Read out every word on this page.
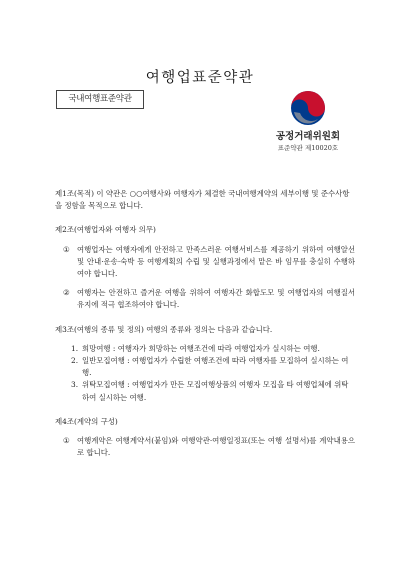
여행업표준약관
국내여행표준약관
공정거래위원회
표준약관 제10020호

제1조(목적) 이 약관은 ○○여행사와 여행자가 체결한 국내여행계약의 세부이행 및 준수사항을 정함을 목적으로 합니다.

제2조(여행업자와 여행자 의무)

① 여행업자는 여행자에게 안전하고 만족스러운 여행서비스를 제공하기 위하여 여행알선 및 안내·운송·숙박 등 여행계획의 수립 및 실행과정에서 맡은 바 임무를 충실히 수행하여야 합니다.
② 여행자는 안전하고 즐거운 여행을 위하여 여행자간 화합도모 및 여행업자의 여행질서 유지에 적극 협조하여야 합니다.

제3조(여행의 종류 및 정의) 여행의 종류와 정의는 다음과 같습니다.

1. 희망여행 : 여행자가 희망하는 여행조건에 따라 여행업자가 실시하는 여행.
2. 일반모집여행 : 여행업자가 수립한 여행조건에 따라 여행자를 모집하여 실시하는 여행.
3. 위탁모집여행 : 여행업자가 만든 모집여행상품의 여행자 모집을 타 여행업체에 위탁하여 실시하는 여행.

제4조(계약의 구성)

① 여행계약은 여행계약서(붙임)와 여행약관·여행일정표(또는 여행 설명서)를 계약내용으로 합니다.
